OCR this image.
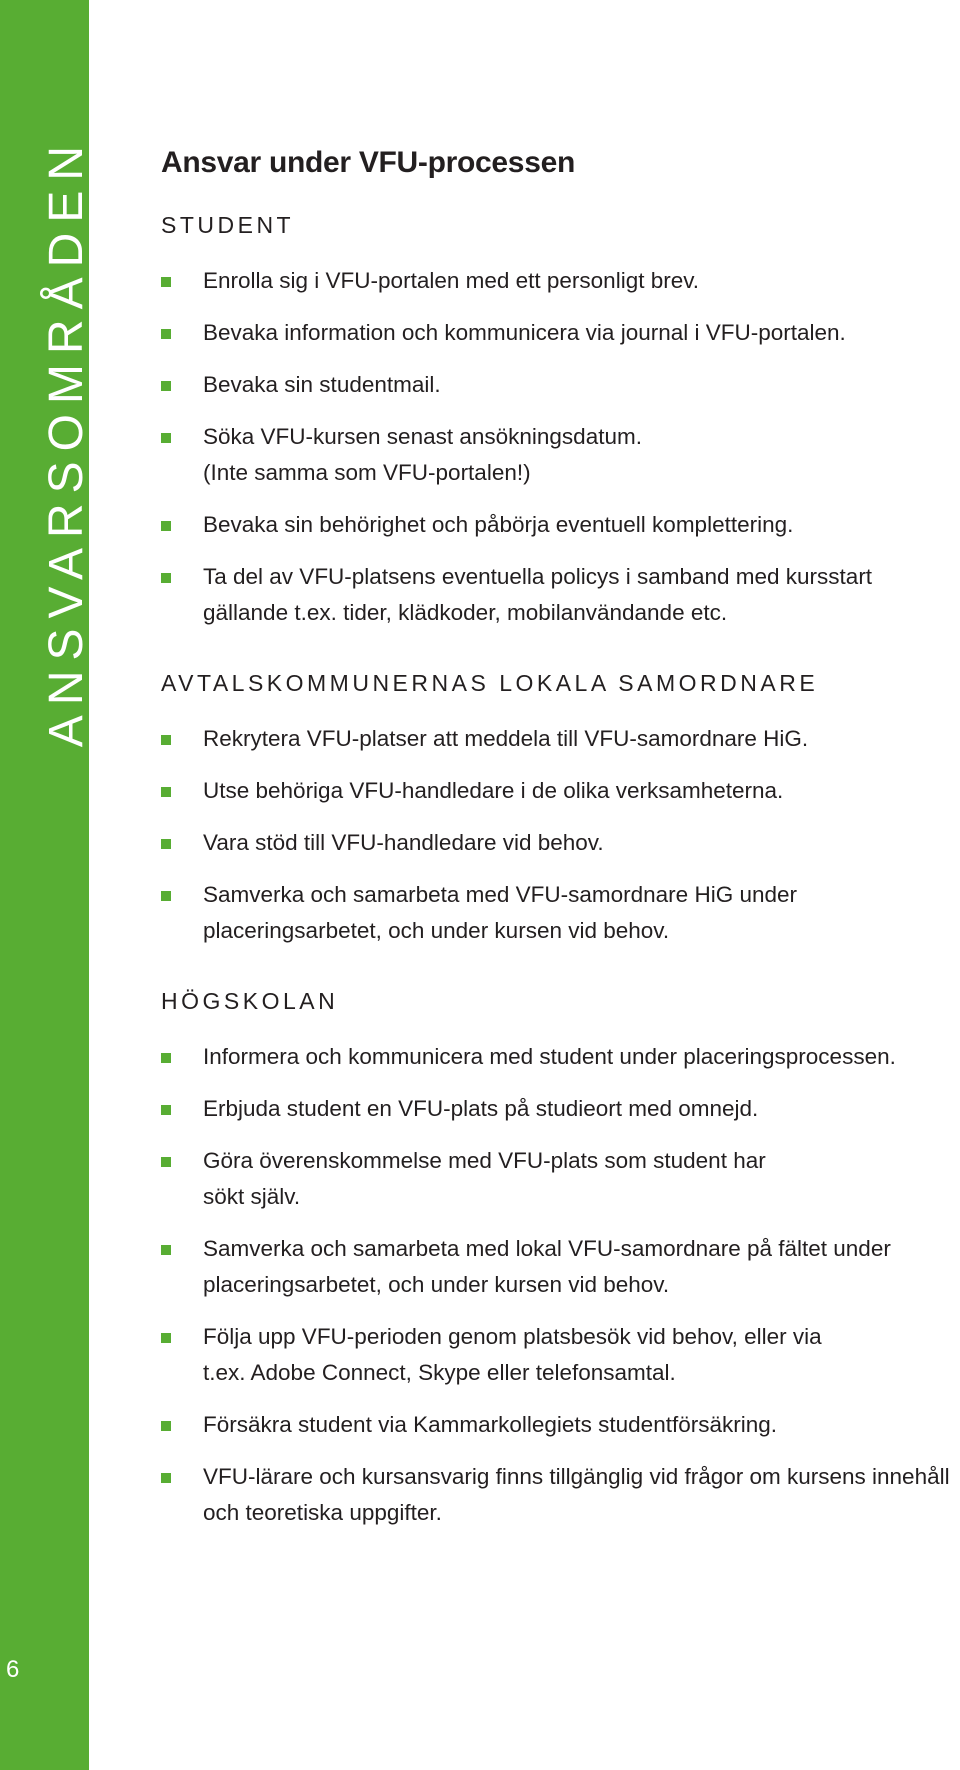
ANSVARSOMRÅDEN
6
Ansvar under VFU-processen
STUDENT
Enrolla sig i VFU-portalen med ett personligt brev.
Bevaka information och kommunicera via journal i VFU-portalen.
Bevaka sin studentmail.
Söka VFU-kursen senast ansökningsdatum. (Inte samma som VFU-portalen!)
Bevaka sin behörighet och påbörja eventuell komplettering.
Ta del av VFU-platsens eventuella policys i samband med kursstart gällande t.ex. tider, klädkoder, mobilanvändande etc.
AVTALSKOMMUNERNAS LOKALA SAMORDNARE
Rekrytera VFU-platser att meddela till VFU-samordnare HiG.
Utse behöriga VFU-handledare i de olika verksamheterna.
Vara stöd till VFU-handledare vid behov.
Samverka och samarbeta med VFU-samordnare HiG under placeringsarbetet, och under kursen vid behov.
HÖGSKOLAN
Informera och kommunicera med student under placeringsprocessen.
Erbjuda student en VFU-plats på studieort med omnejd.
Göra överenskommelse med VFU-plats som student har sökt själv.
Samverka och samarbeta med lokal VFU-samordnare på fältet under placeringsarbetet, och under kursen vid behov.
Följa upp VFU-perioden genom platsbesök vid behov, eller via t.ex. Adobe Connect, Skype eller telefonsamtal.
Försäkra student via Kammarkollegiets studentförsäkring.
VFU-lärare och kursansvarig finns tillgänglig vid frågor om kursens innehåll och teoretiska uppgifter.
